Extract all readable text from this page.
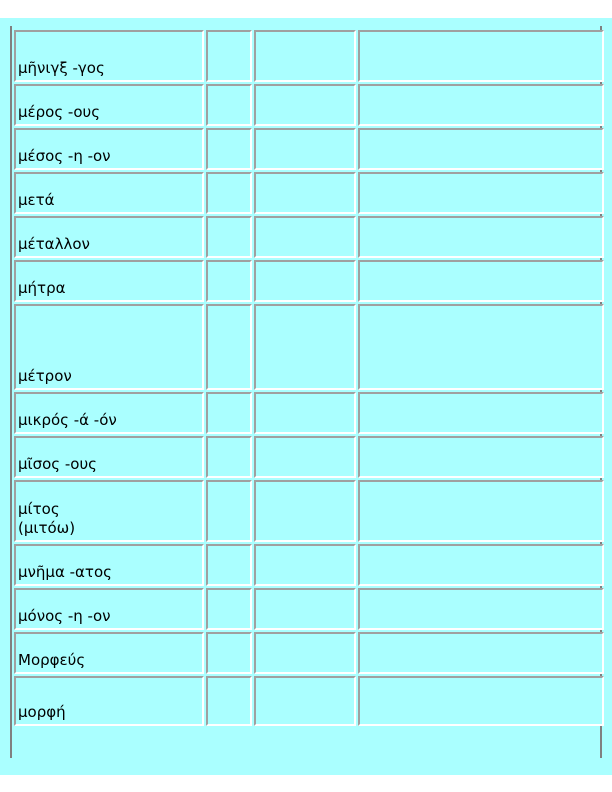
μῆνιγξ -γος			
μέρος -ους			
μέσος -η -ον			
μετά			
μέταλλον			
μήτρα			
μέτρον			
μικρός -ά -όν			
μῖσος -ους			
μίτος
(μιτόω)			
μνῆμα -ατος			
μόνος -η -ον			
Μορφεύς			
μορφή			
